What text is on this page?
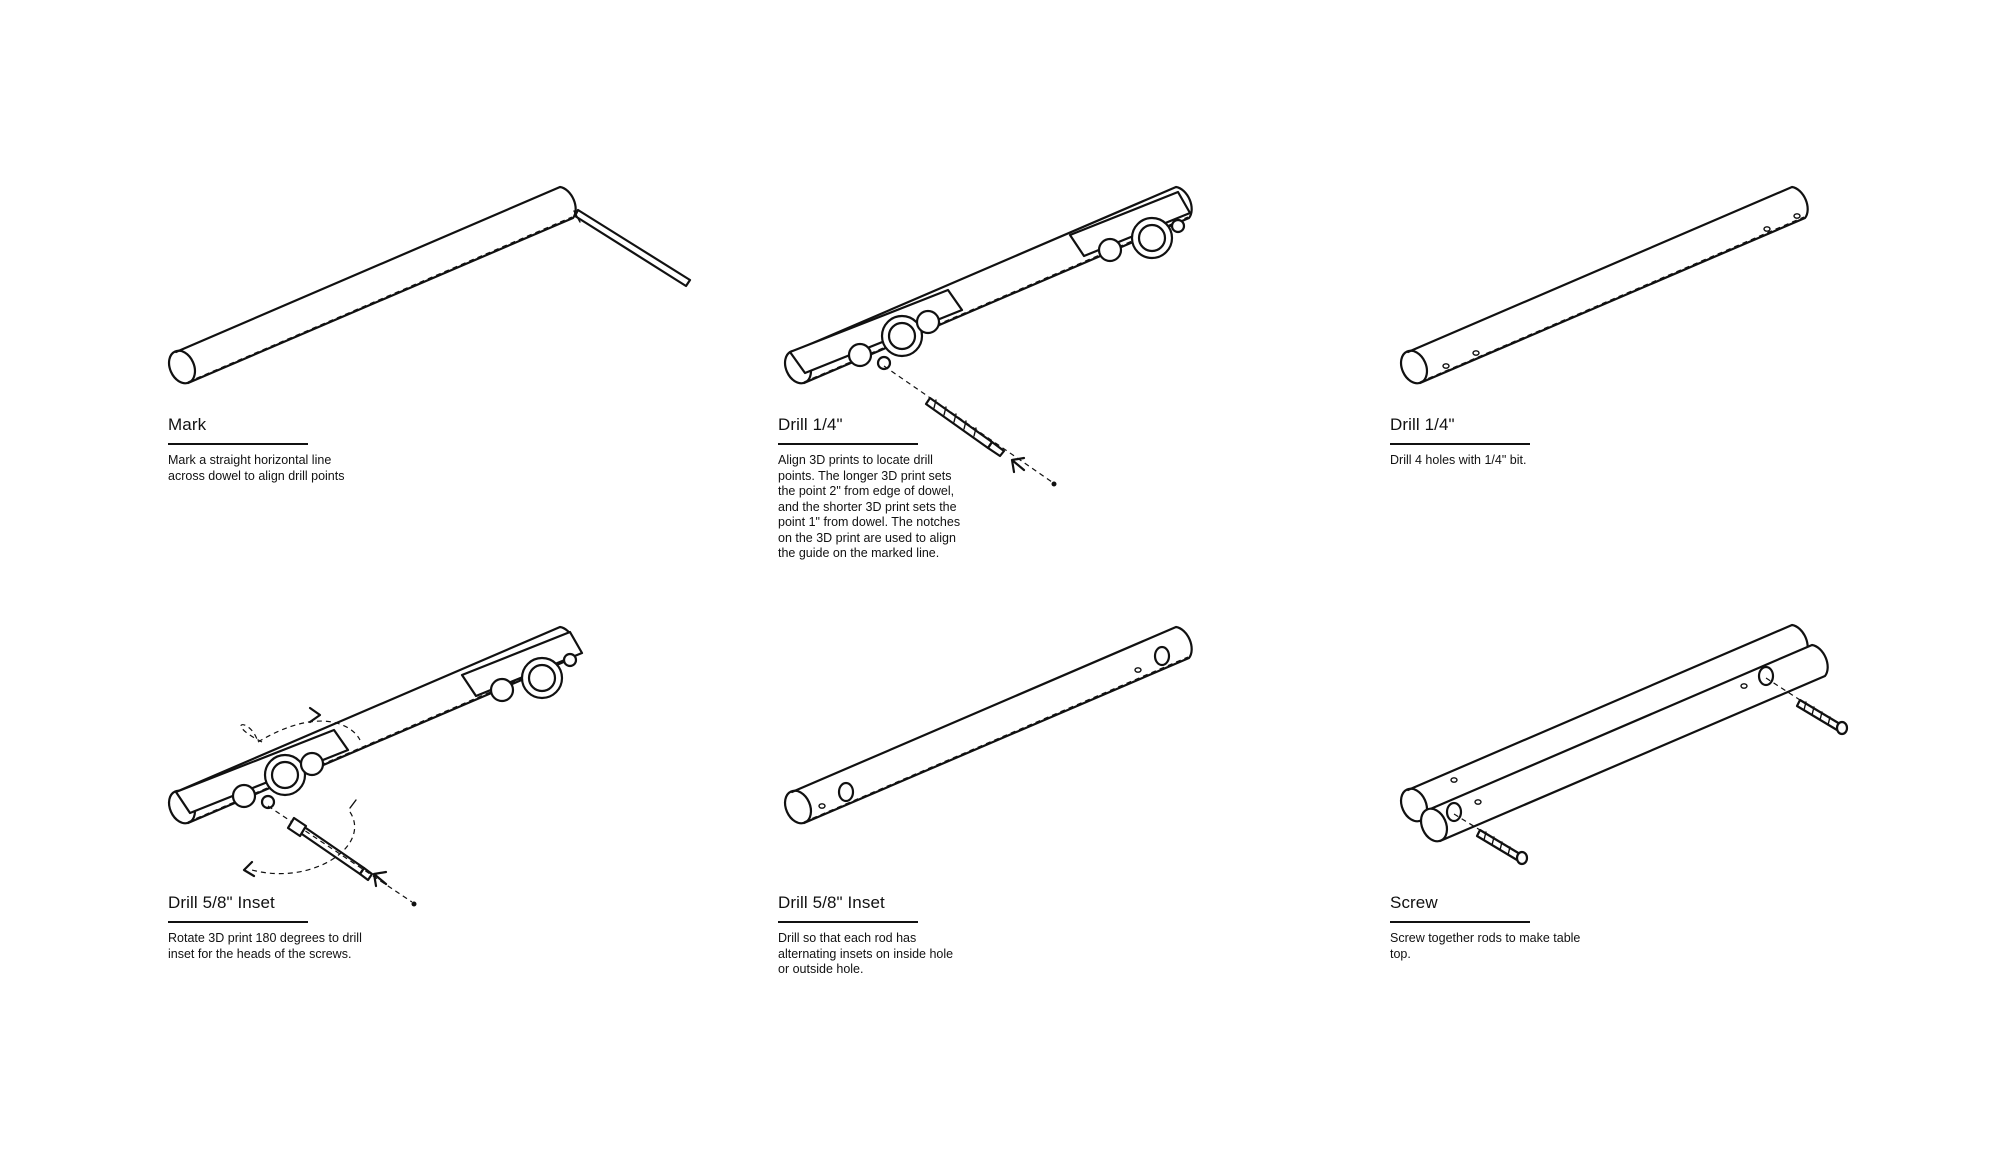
Mark

Mark a straight horizontal line
across dowel to align drill points

Drill 1/4"

Align 3D prints to locate drill
points. The longer 3D print sets
the point 2" from edge of dowel,
and the shorter 3D print sets the
point 1" from dowel. The notches
on the 3D print are used to align
the guide on the marked line.

Drill 1/4"

Drill 4 holes with 1/4" bit.

Drill 5/8" Inset

Rotate 3D print 180 degrees to drill
inset for the heads of the screws.

Drill 5/8" Inset

Drill so that each rod has
alternating insets on inside hole
or outside hole.

Screw

Screw together rods to make table
top.
